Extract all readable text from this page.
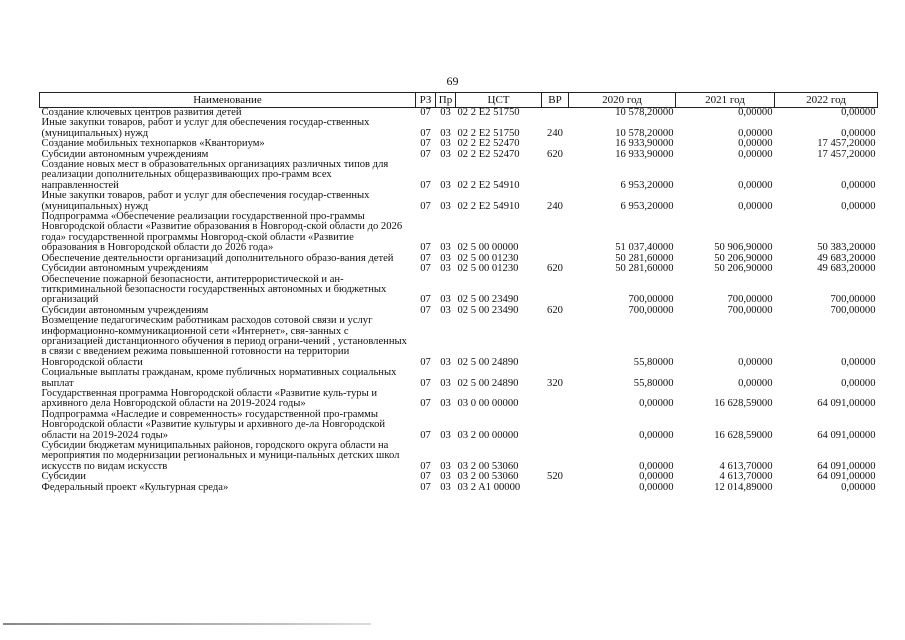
69
Наименование	РЗ	Пр	ЦСТ	ВР	2020 год	2021 год	2022 год
Создание ключевых центров развития детей	07	03	02 2 E2 51750		10 578,20000	0,00000	0,00000
Иные закупки товаров, работ и услуг для обеспечения государ-ственных (муниципальных) нужд	07	03	02 2 E2 51750	240	10 578,20000	0,00000	0,00000
Создание мобильных технопарков «Кванториум»	07	03	02 2 E2 52470		16 933,90000	0,00000	17 457,20000
Субсидии автономным учреждениям	07	03	02 2 E2 52470	620	16 933,90000	0,00000	17 457,20000
Создание новых мест в образовательных организациях различных типов для реализации дополнительных общеразвивающих про-грамм всех направленностей	07	03	02 2 E2 54910		6 953,20000	0,00000	0,00000
Иные закупки товаров, работ и услуг для обеспечения государ-ственных (муниципальных) нужд	07	03	02 2 E2 54910	240	6 953,20000	0,00000	0,00000
Подпрограмма «Обеспечение реализации государственной про-граммы Новгородской области «Развитие образования в Новгород-ской области до 2026 года» государственной программы Новгород-ской области «Развитие образования в Новгородской области до 2026 года»	07	03	02 5 00 00000		51 037,40000	50 906,90000	50 383,20000
Обеспечение деятельности организаций дополнительного образо-вания детей	07	03	02 5 00 01230		50 281,60000	50 206,90000	49 683,20000
Субсидии автономным учреждениям	07	03	02 5 00 01230	620	50 281,60000	50 206,90000	49 683,20000
Обеспечение пожарной безопасности, антитеррористической и ан-титкриминальной безопасности государственных автономных и бюджетных организаций	07	03	02 5 00 23490		700,00000	700,00000	700,00000
Субсидии автономным учреждениям	07	03	02 5 00 23490	620	700,00000	700,00000	700,00000
Возмещение педагогическим работникам расходов сотовой связи и услуг информационно-коммуникационной сети «Интернет», свя-занных с организацией дистанционного обучения в период ограни-чений , установленных в связи с введением режима повышенной готовности на территории Новгородской области	07	03	02 5 00 24890		55,80000	0,00000	0,00000
Социальные выплаты гражданам, кроме публичных нормативных социальных выплат	07	03	02 5 00 24890	320	55,80000	0,00000	0,00000
Государственная программа Новгородской области «Развитие куль-туры и архивного дела Новгородской области на 2019-2024 годы»	07	03	03 0 00 00000		0,00000	16 628,59000	64 091,00000
Подпрограмма «Наследие и современность» государственной про-граммы Новгородской области «Развитие культуры и архивного де-ла Новгородской области на 2019-2024 годы»	07	03	03 2 00 00000		0,00000	16 628,59000	64 091,00000
Субсидии бюджетам муниципальных районов, городского округа области на мероприятия по модернизации региональных и муници-пальных детских школ искусств по видам искусств	07	03	03 2 00 53060		0,00000	4 613,70000	64 091,00000
Субсидии	07	03	03 2 00 53060	520	0,00000	4 613,70000	64 091,00000
Федеральный проект «Культурная среда»	07	03	03 2 A1 00000		0,00000	12 014,89000	0,00000
